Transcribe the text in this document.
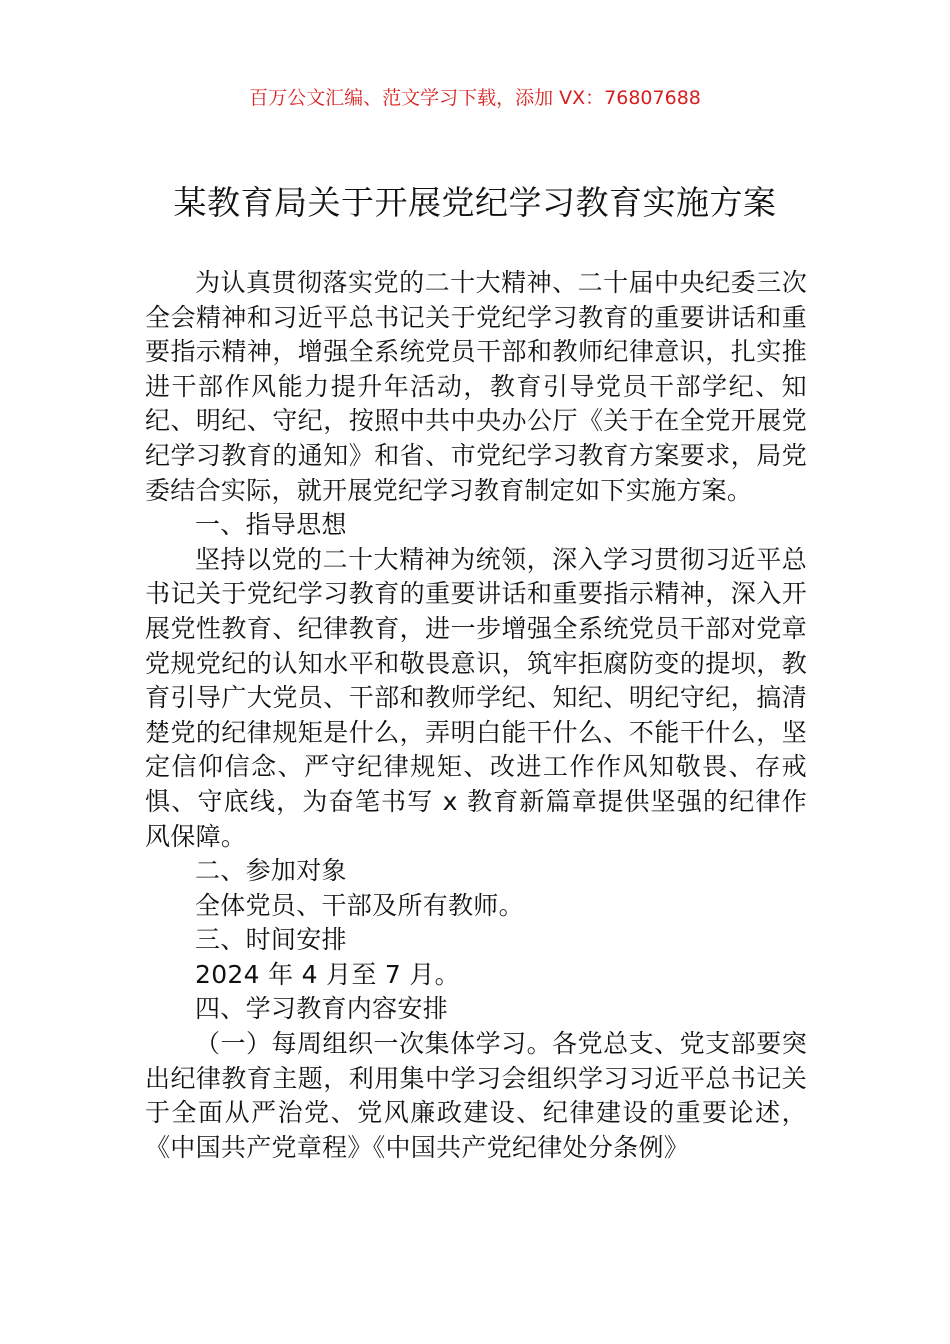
百万公文汇编、范文学习下载，添加 VX：76807688
某教育局关于开展党纪学习教育实施方案

为认真贯彻落实党的二十大精神、二十届中央纪委三次全会精神和习近平总书记关于党纪学习教育的重要讲话和重要指示精神，增强全系统党员干部和教师纪律意识，扎实推进干部作风能力提升年活动，教育引导党员干部学纪、知纪、明纪、守纪，按照中共中央办公厅《关于在全党开展党纪学习教育的通知》和省、市党纪学习教育方案要求，局党委结合实际，就开展党纪学习教育制定如下实施方案。

一、指导思想

坚持以党的二十大精神为统领，深入学习贯彻习近平总书记关于党纪学习教育的重要讲话和重要指示精神，深入开展党性教育、纪律教育，进一步增强全系统党员干部对党章党规党纪的认知水平和敬畏意识，筑牢拒腐防变的提坝，教育引导广大党员、干部和教师学纪、知纪、明纪守纪，搞清楚党的纪律规矩是什么，弄明白能干什么、不能干什么，坚定信仰信念、严守纪律规矩、改进工作作风知敬畏、存戒惧、守底线，为奋笔书写 x 教育新篇章提供坚强的纪律作风保障。

二、参加对象

全体党员、干部及所有教师。

三、时间安排

2024 年 4 月至 7 月。

四、学习教育内容安排

（一）每周组织一次集体学习。各党总支、党支部要突出纪律教育主题，利用集中学习会组织学习习近平总书记关于全面从严治党、党风廉政建设、纪律建设的重要论述，《中国共产党章程》《中国共产党纪律处分条例》
